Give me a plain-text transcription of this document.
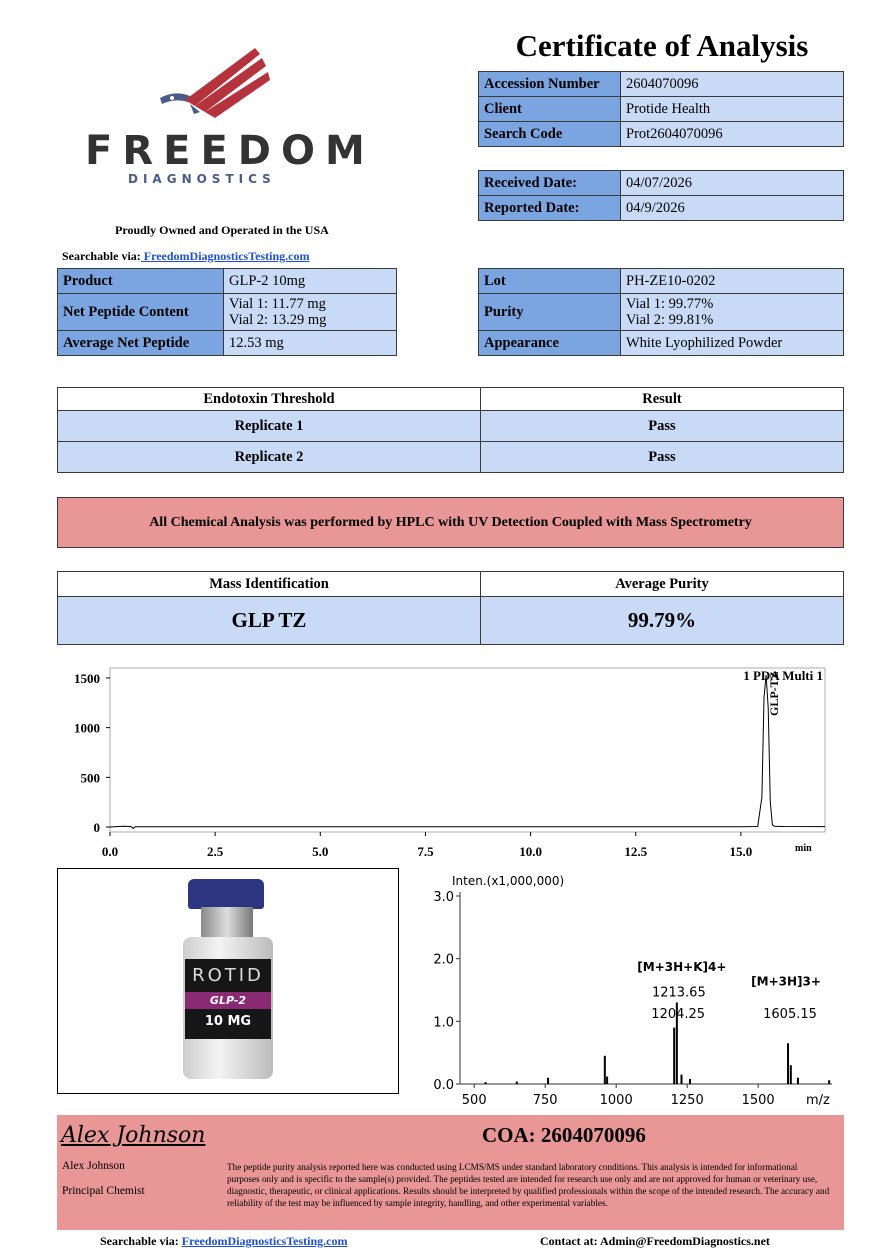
FREEDOM
DIAGNOSTICS
Proudly Owned and Operated in the USA
Searchable via: FreedomDiagnosticsTesting.com
Certificate of Analysis
Accession Number	2604070096
Client	Protide Health
Search Code	Prot2604070096
Received Date:	04/07/2026
Reported Date:	04/9/2026
Product	GLP-2 10mg
Net Peptide Content	Vial 1: 11.77 mg
Vial 2: 13.29 mg

Average Net Peptide	12.53 mg
Lot	PH-ZE10-0202
Purity	Vial 1: 99.77%
Vial 2: 99.81%

Appearance	White Lyophilized Powder
Endotoxin Threshold	Result
Replicate 1	Pass
Replicate 2	Pass
All Chemical Analysis was performed by HPLC with UV Detection Coupled with Mass Spectrometry
Mass Identification	Average Purity
GLP TZ	99.79%
0.0	2.5	5.0	7.5	10.0	12.5	15.0
0
500
1000
1500
min
1 PDA Multi 1
GLP-TZ
ROTID
GLP-2
10 MG
Inten.(x1,000,000)
0.0
1.0
2.0
3.0
500	750	1000	1250	1500 m/z
[M+3H+K]4+
1213.65
1204.25
[M+3H]3+
1605.15
Alex Johnson	COA: 2604070096
Alex Johnson
Principal Chemist
The peptide purity analysis reported here was conducted using LCMS/MS under standard laboratory conditions. This analysis is intended for informational purposes only and is specific to the sample(s) provided. The peptides tested are intended for research use only and are not approved for human or veterinary use, diagnostic, therapeutic, or clinical applications. Results should be interpreted by qualified professionals within the scope of the intended research. The accuracy and reliability of the test may be influenced by sample integrity, handling, and other experimental variables.
Searchable via: FreedomDiagnosticsTesting.com	Contact at: Admin@FreedomDiagnostics.net
